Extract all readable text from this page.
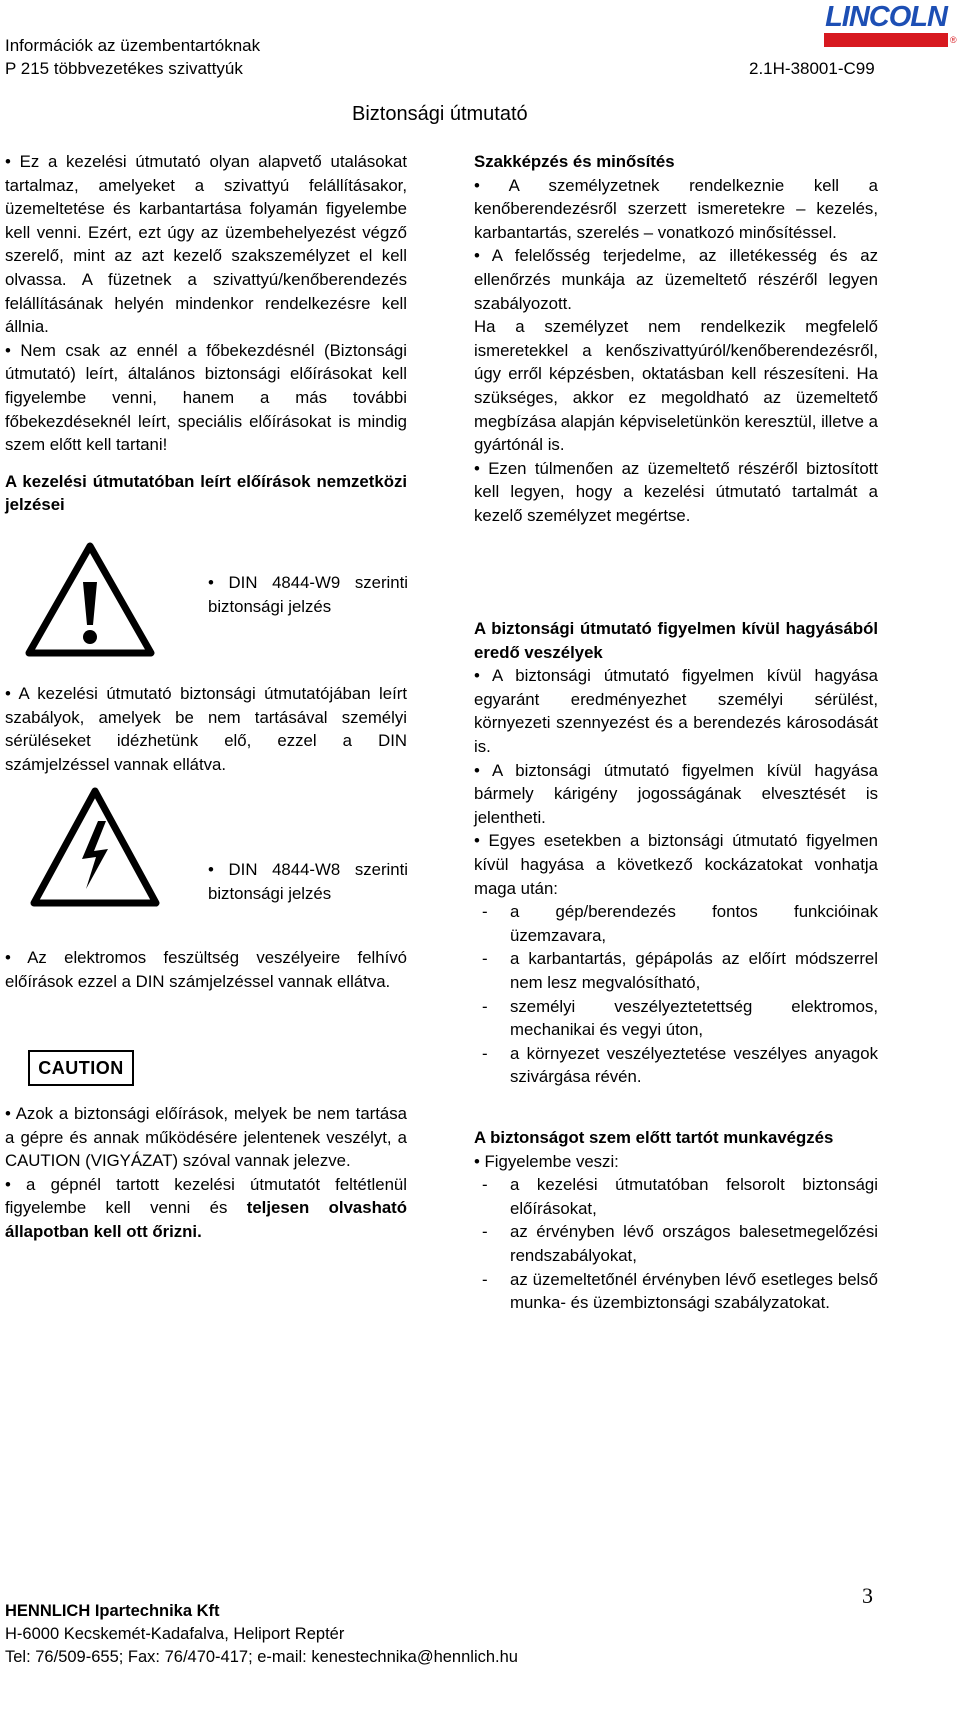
Információk az üzembentartóknak
P 215 többvezetékes szivattyúk	2.1H-38001-C99
LINCOLN
®
Biztonsági útmutató

• Ez a kezelési útmutató olyan alapvető utalásokat tartalmaz, amelyeket a szivattyú felállításakor, üzemeltetése és karbantartása folyamán figyelembe kell venni. Ezért, ezt úgy az üzembehelyezést végző szerelő, mint az azt kezelő szakszemélyzet el kell olvassa. A füzetnek a szivattyú/kenőberendezés felállításának helyén mindenkor rendelkezésre kell állnia.

• Nem csak az ennél a főbekezdésnél (Biztonsági útmutató) leírt, általános biztonsági előírásokat kell figyelembe venni, hanem a más további főbekezdéseknél leírt, speciális előírásokat is mindig szem előtt kell tartani!

A kezelési útmutatóban leírt előírások nemzetközi jelzései

• DIN 4844-W9 szerinti biztonsági jelzés
• A kezelési útmutató biztonsági útmutatójában leírt szabályok, amelyek be nem tartásával személyi sérüléseket idézhetünk elő, ezzel a DIN számjelzéssel vannak ellátva.
• DIN 4844-W8 szerinti biztonsági jelzés
• Az elektromos feszültség veszélyeire felhívó előírások ezzel a DIN számjelzéssel vannak ellátva.
CAUTION

• Azok a biztonsági előírások, melyek be nem tartása a gépre és annak működésére jelentenek veszélyt, a CAUTION (VIGYÁZAT) szóval vannak jelezve.

• a gépnél tartott kezelési útmutatót feltétlenül figyelembe kell venni és teljesen olvasható állapotban kell ott őrizni.

Szakképzés és minősítés

• A személyzetnek rendelkeznie kell a kenőberendezésről szerzett ismeretekre – kezelés, karbantartás, szerelés – vonatkozó minősítéssel.

• A felelősség terjedelme, az illetékesség és az ellenőrzés munkája az üzemeltető részéről legyen szabályozott.

Ha a személyzet nem rendelkezik megfelelő ismeretekkel a kenőszivattyúról/kenőberendezésről, úgy erről képzésben, oktatásban kell részesíteni. Ha szükséges, akkor ez megoldható az üzemeltető megbízása alapján képviseletünkön keresztül, illetve a gyártónál is.

• Ezen túlmenően az üzemeltető részéről biztosított kell legyen, hogy a kezelési útmutató tartalmát a kezelő személyzet megértse.

A biztonsági útmutató figyelmen kívül hagyásából eredő veszélyek

• A biztonsági útmutató figyelmen kívül hagyása egyaránt eredményezhet személyi sérülést, környezeti szennyezést és a berendezés károsodását is.

• A biztonsági útmutató figyelmen kívül hagyása bármely kárigény jogosságának elvesztését is jelentheti.

• Egyes esetekben a biztonsági útmutató figyelmen kívül hagyása a következő kockázatokat vonhatja maga után:

-	a gép/berendezés fontos funkcióinak üzemzavara,
-	a karbantartás, gépápolás az előírt módszerrel nem lesz megvalósítható,
-	személyi veszélyeztetettség elektromos, mechanikai és vegyi úton,
-	a környezet veszélyeztetése veszélyes anyagok szivárgása révén.

A biztonságot szem előtt tartót munkavégzés

• Figyelembe veszi:

-	a kezelési útmutatóban felsorolt biztonsági előírásokat,
-	az érvényben lévő országos balesetmegelőzési rendszabályokat,
-	az üzemeltetőnél érvényben lévő esetleges belső munka- és üzembiztonsági szabályzatokat.
HENNLICH Ipartechnika Kft
H-6000 Kecskemét-Kadafalva, Heliport Reptér
Tel: 76/509-655; Fax: 76/470-417; e-mail: kenestechnika@hennlich.hu
3
